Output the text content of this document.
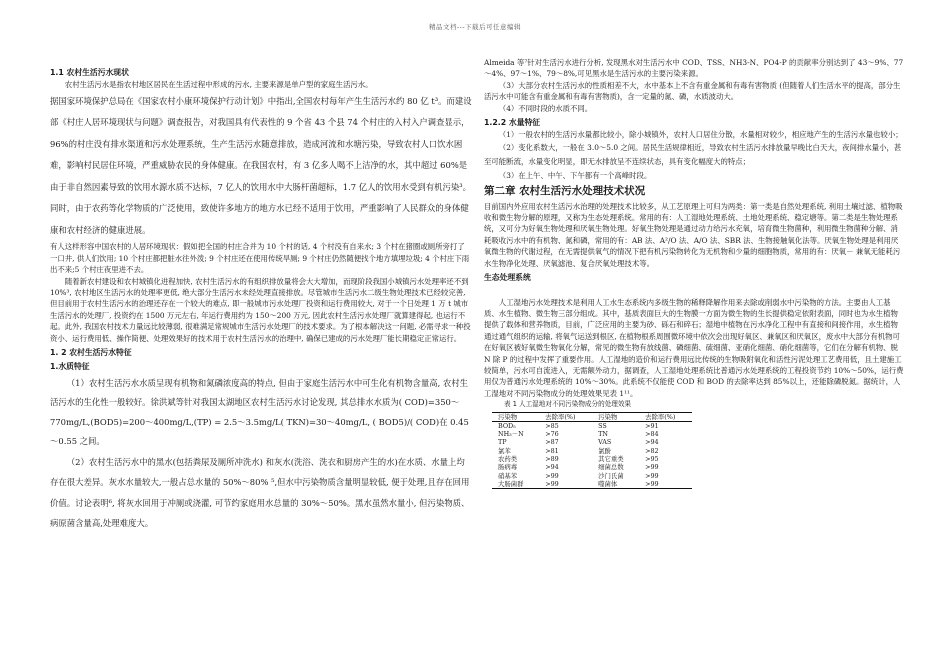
精品文档---下载后可任意编辑

1.1 农村生活污水现状

农村生活污水是指农村地区居民在生活过程中形成的污水, 主要来源是单户型的家庭生活污水。

据国家环境保护总局在《国家农村小康环境保护行动计划》中指出,全国农村每年产生生活污水约 80 亿 t³。而建设部《村庄人居环境现状与问题》调查报告，对我国具有代表性的 9 个省 43 个县 74 个村庄的入村入户调查显示，96%的村庄没有排水渠道和污水处理系统，生产生活污水随意排放，造成河流和水塘污染，导致农村人口饮水困难，影响村民居住环境，严重威胁农民的身体健康。在我国农村，有 3 亿多人喝不上洁净的水，其中超过 60%是由于非自然因素导致的饮用水源水质不达标，7 亿人的饮用水中大肠杆菌超标，1.7 亿人的饮用水受到有机污染³。同时，由于农药等化学物质的广泛使用，致使许多地方的地方水已经不适用于饮用，严重影响了人民群众的身体健康和农村经济的健康进展。

有人这样形容中国农村的人居环境现状：假如把全国的村庄合并为 10 个村的话, 4 个村没有自来水; 3 个村在猪圈或厕所旁打了一口井, 供人们饮用; 10 个村庄都把脏水往外泼; 9 个村庄还在使用传统旱厕; 9 个村庄仍然随便找个地方填埋垃圾; 4 个村庄下雨出不来;5 个村庄夜里进不去。

随着新农村建设和农村城镇化进程加快, 农村生活污水的有组织排放量将会大大增加，而现阶段我国小城镇污水处理率还不到 10%³, 农村地区生活污水的处理率更低, 绝大部分生活污水未经处理直接排放。尽管城市生活污水二级生物处理技术已经较完善, 但目前用于农村生活污水的治理还存在一个较大的难点, 即一般城市污水处理厂投资和运行费用较大, 对于一个日处理 1 万 t 城市生活污水的处理厂, 投资约在 1500 万元左右, 年运行费用约为 150～200 万元, 因此农村生活污水处理厂就算建得起, 也运行不起。此外, 我国农村技术力量远比较薄弱, 很难满足常规城市生活污水处理厂的技术要求。为了根本解决这一问题, 必需寻求一种投资小、运行费用低、操作简便、处理效果好的技术用于农村生活污水的治理中, 确保已建成的污水处理厂能长期稳定正常运行。

1. 2 农村生活污水特征

1.水质特征

（1）农村生活污水水质呈现有机物和氮磷浓度高的特点, 但由于家庭生活污水中可生化有机物含量高, 农村生活污水的生化性一般较好。徐洪斌等针对我国太湖地区农村生活污水讨论发现, 其总排水水质为( COD)=350～770mg/L,(BOD5)=200～400mg/L,(TP) = 2.5～3.5mg/L( TKN)=30～40mg/L, ( BOD5)/( COD)在 0.45～0.55 之间。

（2）农村生活污水中的黑水(包括粪尿及厕所冲洗水) 和灰水(洗浴、洗衣和厨房产生的水)在水质、水量上均存在很大差异。灰水水量较大,一般占总水量的 50%～80% ⁵,但水中污染物质含量明显较低, 便于处理,且存在回用价值。讨论表明⁶, 将灰水回用于冲厕或浇灌, 可节约家庭用水总量的 30%～50%。黑水虽然水量小, 但污染物质、病原菌含量高,处理难度大。

Almeida 等⁷针对生活污水进行分析, 发现黑水对生活污水中 COD、TSS、NH3-N、PO4-P 的贡献率分别达到了 43～9%、77～4%、97～1%、79～8%,可见黑水是生活污水的主要污染来源。

（3）大部分农村生活污水的性质相差不大，水中基本上不含有重金属和有毒有害物质 (但随着人们生活水平的提高，部分生活污水中可能含有重金属和有毒有害物质)，含一定量的氮、磷，水质波动大。

（4）不同时段的水质不同。

1.2.2 水量特征

（1）一般农村的生活污水量都比较小，除小城镇外，农村人口居住分散，水量相对较少，相应地产生的生活污水量也较小；

（2）变化系数大，一般在 3.0～5.0 之间。居民生活规律相近，导致农村生活污水排放量早晚比白天大，夜间排水量小，甚至可能断流，水量变化明显，即无水排放呈不连续状态，具有变化幅度大的特点；

（3）在上午、中午、下午都有一个高峰时段。

第二章 农村生活污水处理技术状况

目前国内外应用农村生活污水治理的处理技术比较多，从工艺原理上可归为两类：第一类是自然处理系统, 利用土壤过滤、植物吸收和微生物分解的原理，又称为生态处理系统。常用的有：人工湿地处理系统、土地处理系统、稳定塘等。第二类是生物处理系统，又可分为好氧生物处理和厌氧生物处理。好氧生物处理是通过动力给污水充氧，培育微生物菌种，利用微生物菌种分解、消耗吸收污水中的有机物、氮和磷，常用的有：AB 法、A²/O 法、A/O 法、SBR 法、生物接触氧化法等。厌氧生物处理是利用厌氧微生物的代谢过程，在无需提供氧气的情况下把有机污染物转化为无机物和少量的细胞物质，常用的有：厌氧－ 兼氧无能耗污水生物净化处理、厌氧滤池、复合厌氧处理技术等。

生态处理系统

人工湿地污水处理技术是利用人工水生态系统内多级生物的稀释降解作用来去除或削弱水中污染物的方法。主要由人工基质、水生植物、微生物三部分组成。其中，基质表面巨大的生物膜一方面为微生物的生长提供稳定依附表面，同时也为水生植物提供了载体和营养物质，目前，广泛应用的主要为砂、砾石和碎石；湿地中植物在污水净化工程中有直接和间接作用，水生植物通过通气组织的运输, 将氧气运送到根区, 在植物根系周围微环境中依次会出现好氧区、兼氧区和厌氧区，废水中大部分有机物可在好氧区被好氧微生物氧化分解，常见的微生物有放线菌、磷细菌、硫细菌、亚硝化细菌、硝化细菌等，它们在分解有机物、脱 N 除 P 的过程中发挥了重要作用。人工湿地的造价和运行费用远比传统的生物吸附氧化和活性污泥处理工艺费用低，且土建施工较简单，污水可自流进入，无需额外动力，据调查，人工湿地处理系统比普通污水处理系统的工程投资节约 10%～50%，运行费用仅为普通污水处理系统的 10%～30%。此系统不仅能使 COD 和 BOD 的去除率达到 85%以上，还能除磷脱氮。据统计，人工湿地对不同污染物成分的处理效果见表 1¹¹。

表 1 人工湿地对不同污染物成分的处理效果
污染物	去除率(%)	污染物	去除率(%)
BOD₅	>85	SS	>91
NH₃－N	>76	TN	>84
TP	>87	VAS	>94
氯苯	>81	氯酚	>82
农药类	>89	其它重类	>95
肠病毒	>94	细菌总数	>99
硝基苯	>99	沙门氏菌	>99
大肠菌群	>99	噬菌体	>99
